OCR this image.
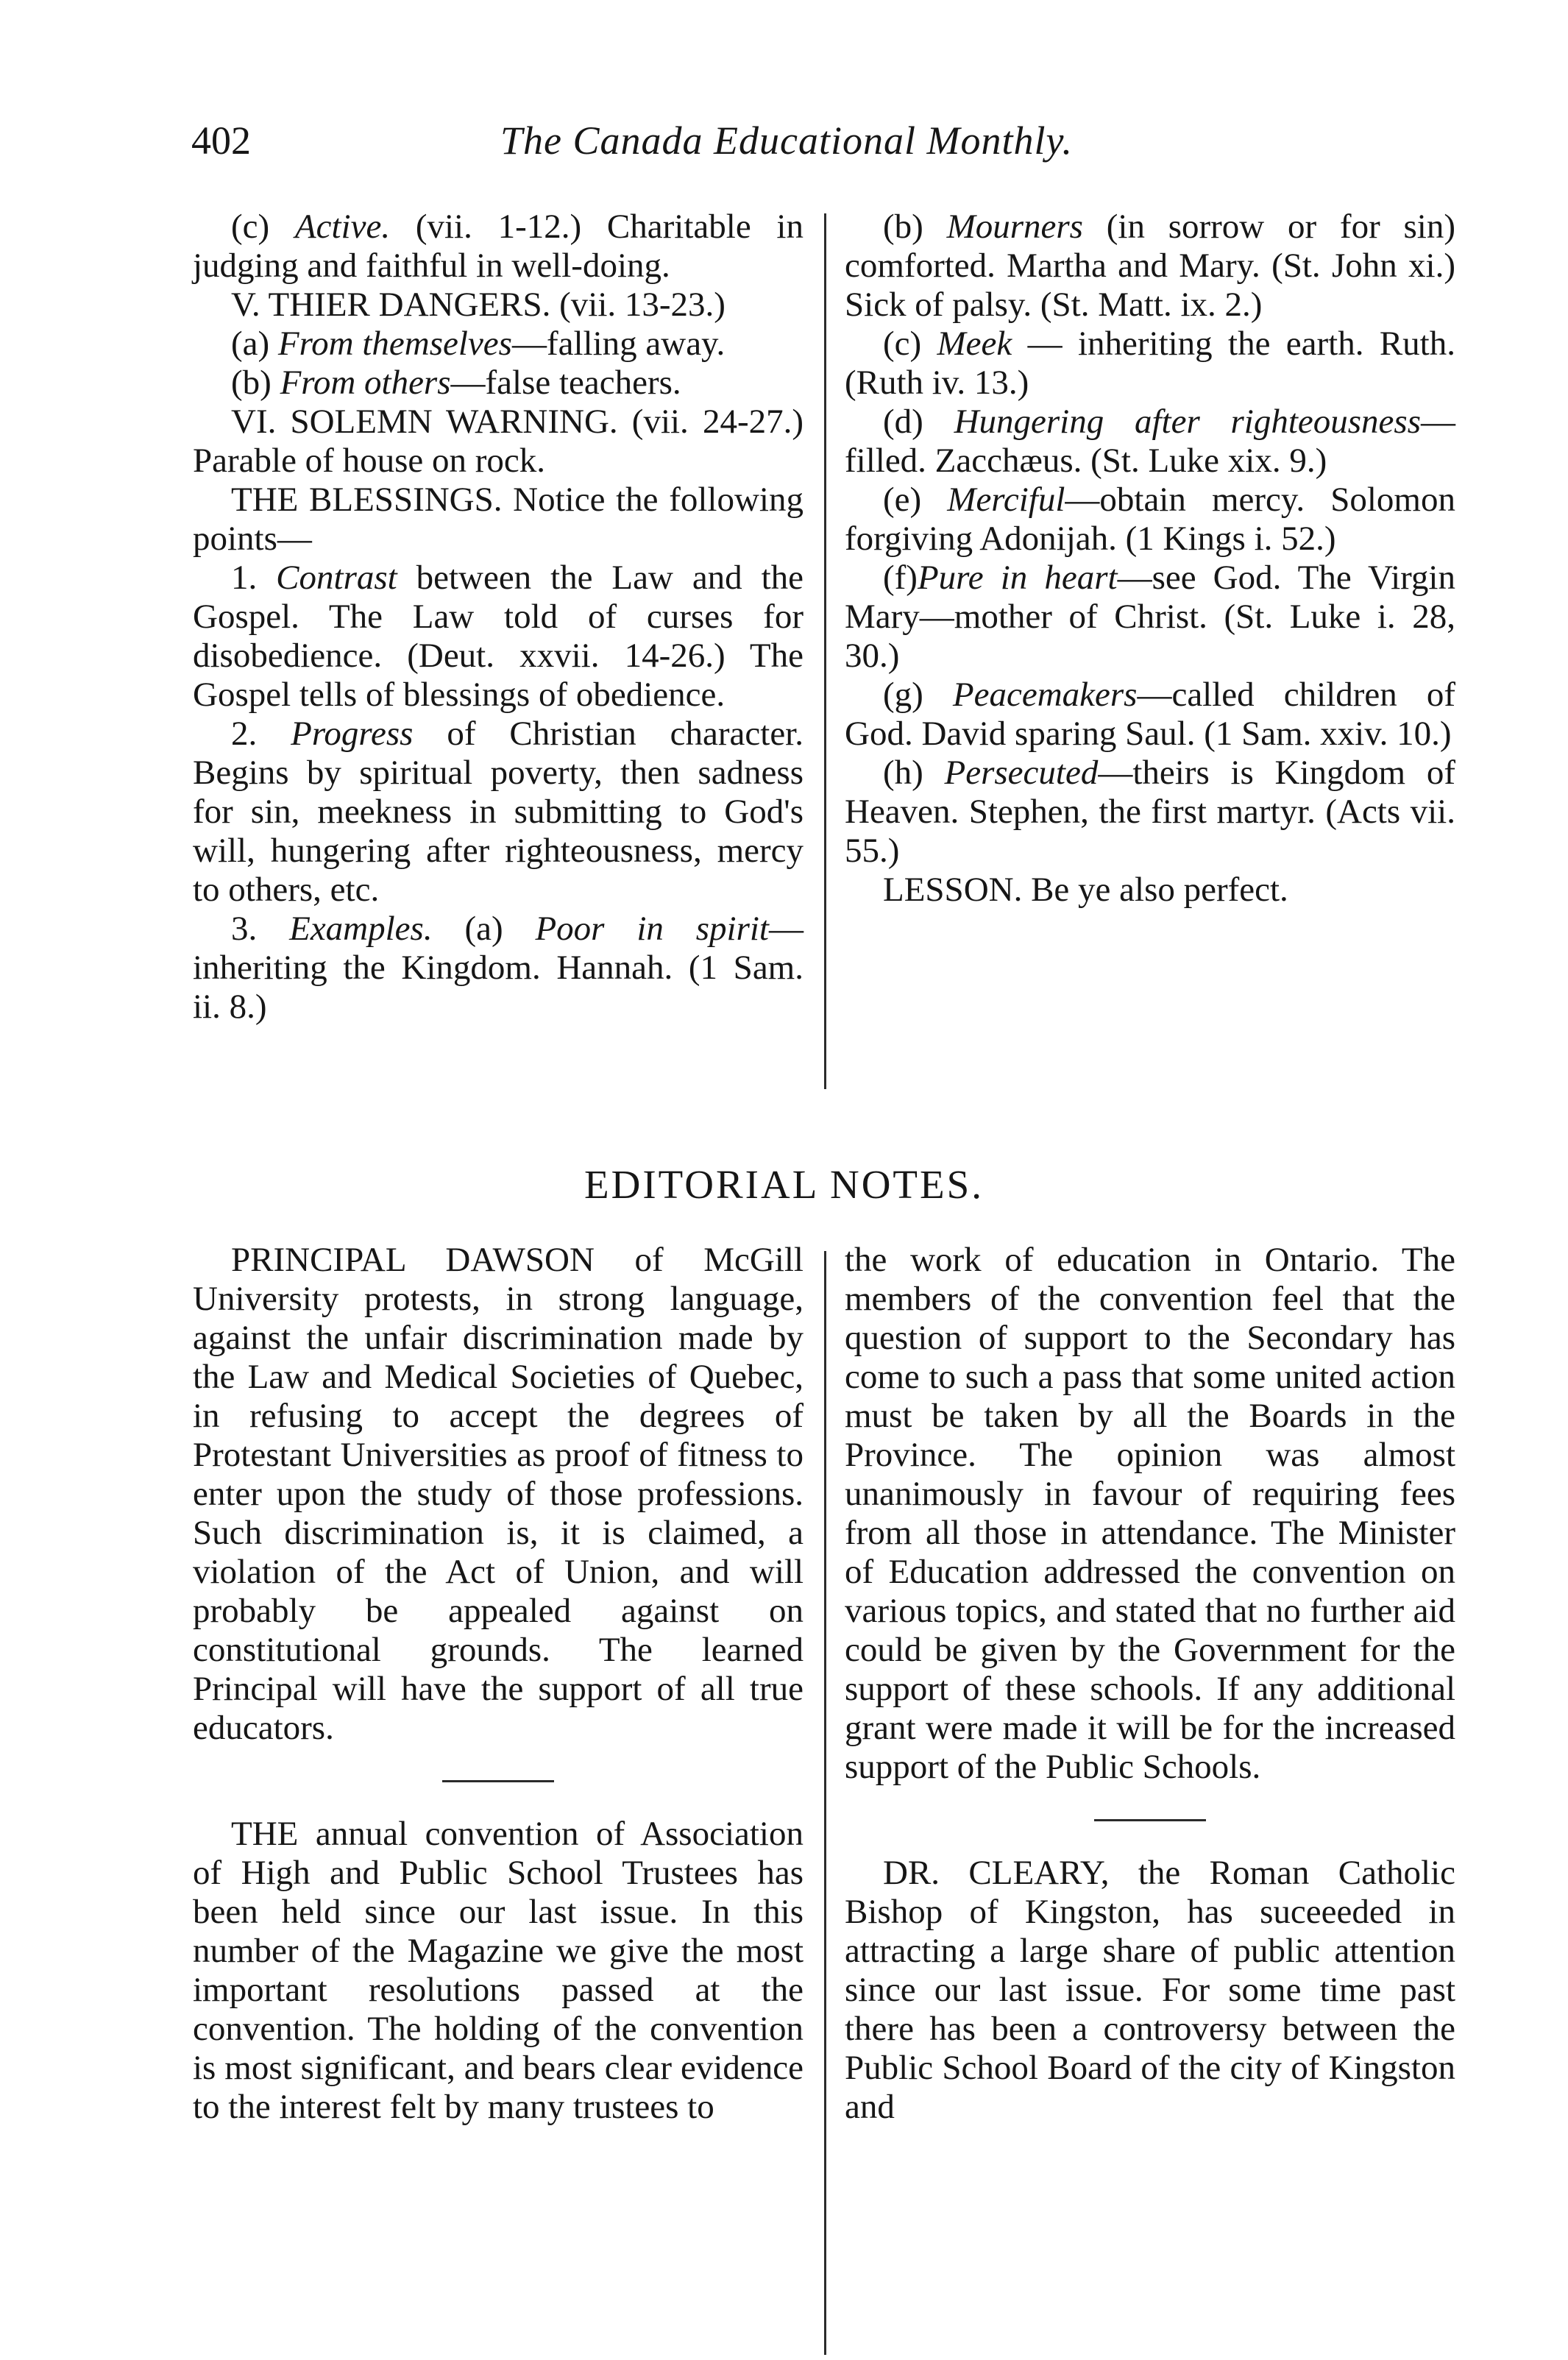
402	The Canada Educational Monthly.

(c) Active. (vii. 1-12.) Charitable in judging and faithful in well-doing.

V. THIER DANGERS. (vii. 13-23.)

(a) From themselves—falling away.

(b) From others—false teachers.

VI. SOLEMN WARNING. (vii. 24-27.) Parable of house on rock.

THE BLESSINGS. Notice the following points—

1. Contrast between the Law and the Gospel. The Law told of curses for disobedience. (Deut. xxvii. 14-26.) The Gospel tells of blessings of obedience.

2. Progress of Christian character. Begins by spiritual poverty, then sadness for sin, meekness in submitting to God's will, hungering after righteousness, mercy to others, etc.

3. Examples. (a) Poor in spirit—inheriting the Kingdom. Hannah. (1 Sam. ii. 8.)

(b) Mourners (in sorrow or for sin) comforted. Martha and Mary. (St. John xi.) Sick of palsy. (St. Matt. ix. 2.)

(c) Meek — inheriting the earth. Ruth. (Ruth iv. 13.)

(d) Hungering after righteousness—filled. Zacchæus. (St. Luke xix. 9.)

(e) Merciful—obtain mercy. Solomon forgiving Adonijah. (1 Kings i. 52.)

(f)Pure in heart—see God. The Virgin Mary—mother of Christ. (St. Luke i. 28, 30.)

(g) Peacemakers—called children of God. David sparing Saul. (1 Sam. xxiv. 10.)

(h) Persecuted—theirs is Kingdom of Heaven. Stephen, the first martyr. (Acts vii. 55.)

LESSON. Be ye also perfect.

EDITORIAL NOTES.

PRINCIPAL DAWSON of McGill University protests, in strong language, against the unfair discrimination made by the Law and Medical Societies of Quebec, in refusing to accept the degrees of Protestant Universities as proof of fitness to enter upon the study of those professions. Such discrimination is, it is claimed, a violation of the Act of Union, and will probably be appealed against on constitutional grounds. The learned Principal will have the support of all true educators.

THE annual convention of Association of High and Public School Trustees has been held since our last issue. In this number of the Magazine we give the most important resolutions passed at the convention. The holding of the convention is most significant, and bears clear evidence to the interest felt by many trustees to

the work of education in Ontario. The members of the convention feel that the question of support to the Secondary has come to such a pass that some united action must be taken by all the Boards in the Province. The opinion was almost unanimously in favour of requiring fees from all those in attendance. The Minister of Education addressed the convention on various topics, and stated that no further aid could be given by the Government for the support of these schools. If any additional grant were made it will be for the increased support of the Public Schools.

DR. CLEARY, the Roman Catholic Bishop of Kingston, has suceeeded in attracting a large share of public attention since our last issue. For some time past there has been a controversy between the Public School Board of the city of Kingston and
